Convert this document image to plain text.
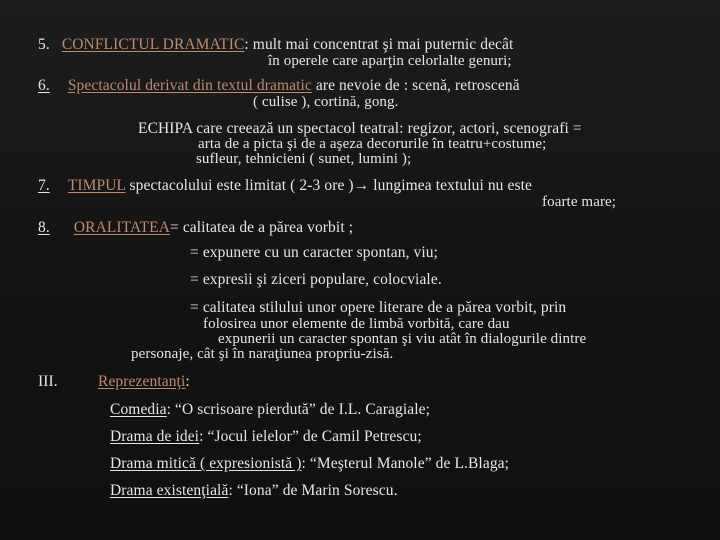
5. CONFLICTUL DRAMATIC: mult mai concentrat şi mai puternic decât
în operele care aparţin celorlalte genuri;
6. Spectacolul derivat din textul dramatic are nevoie de : scenă, retroscenă
( culise ), cortină, gong.
ECHIPA care creează un spectacol teatral: regizor, actori, scenografi =
arta de a picta şi de a aşeza decorurile în teatru+costume;
sufleur, tehnicieni ( sunet, lumini );
7. TIMPUL spectacolului este limitat ( 2-3 ore )→ lungimea textului nu este
foarte mare;
8. ORALITATEA= calitatea de a părea vorbit ;
= expunere cu un caracter spontan, viu;
= expresii şi ziceri populare, colocviale.
= calitatea stilului unor opere literare de a părea vorbit, prin
folosirea unor elemente de limbă vorbită, care dau
expunerii un caracter spontan şi viu atât în dialogurile dintre
personaje, cât şi în naraţiunea propriu-zisă.
III.	Reprezentanţi:
Comedia: “O scrisoare pierdută” de I.L. Caragiale;
Drama de idei: “Jocul ielelor” de Camil Petrescu;
Drama mitică ( expresionistă ): “Meşterul Manole” de L.Blaga;
Drama existenţială: “Iona” de Marin Sorescu.
